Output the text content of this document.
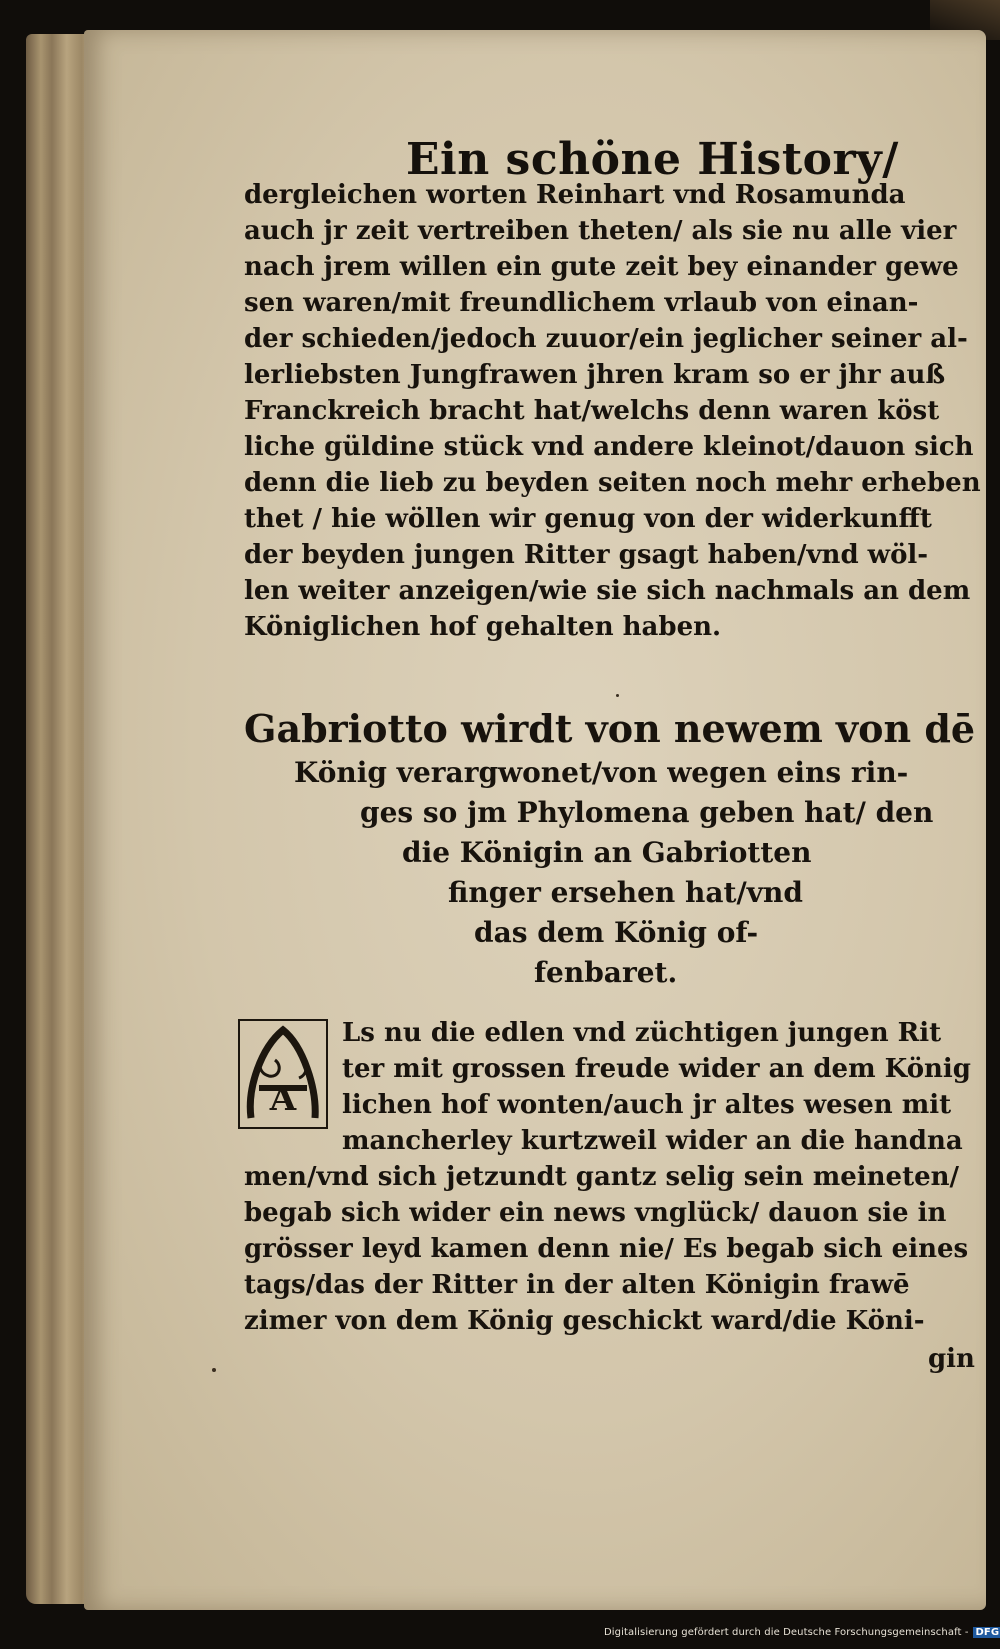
Ein schöne History/
dergleichen worten Reinhart vnd Rosamunda
auch jr zeit vertreiben theten/ als sie nu alle vier
nach jrem willen ein gute zeit bey einander gewe
sen waren/mit freundlichem vrlaub von einan-
der schieden/jedoch zuuor/ein jeglicher seiner al-
lerliebsten Jungfrawen jhren kram so er jhr auß
Franckreich bracht hat/welchs denn waren köst
liche güldine stück vnd andere kleinot/dauon sich
denn die lieb zu beyden seiten noch mehr erheben
thet / hie wöllen wir genug von der widerkunfft
der beyden jungen Ritter gsagt haben/vnd wöl-
len weiter anzeigen/wie sie sich nachmals an dem
Königlichen hof gehalten haben.
Gabriotto wirdt von newem von dē
König verargwonet/von wegen eins rin-
ges so jm Phylomena geben hat/ den
die Königin an Gabriotten
finger ersehen hat/vnd
das dem König of-
fenbaret.
A
Ls nu die edlen vnd züchtigen jungen Rit
ter mit grossen freude wider an dem König
lichen hof wonten/auch jr altes wesen mit
mancherley kurtzweil wider an die handna
men/vnd sich jetzundt gantz selig sein meineten/
begab sich wider ein news vnglück/ dauon sie in
grösser leyd kamen denn nie/ Es begab sich eines
tags/das der Ritter in der alten Königin frawē
zimer von dem König geschickt ward/die Köni-
gin
Digitalisierung gefördert durch die Deutsche Forschungsgemeinschaft - DFG
